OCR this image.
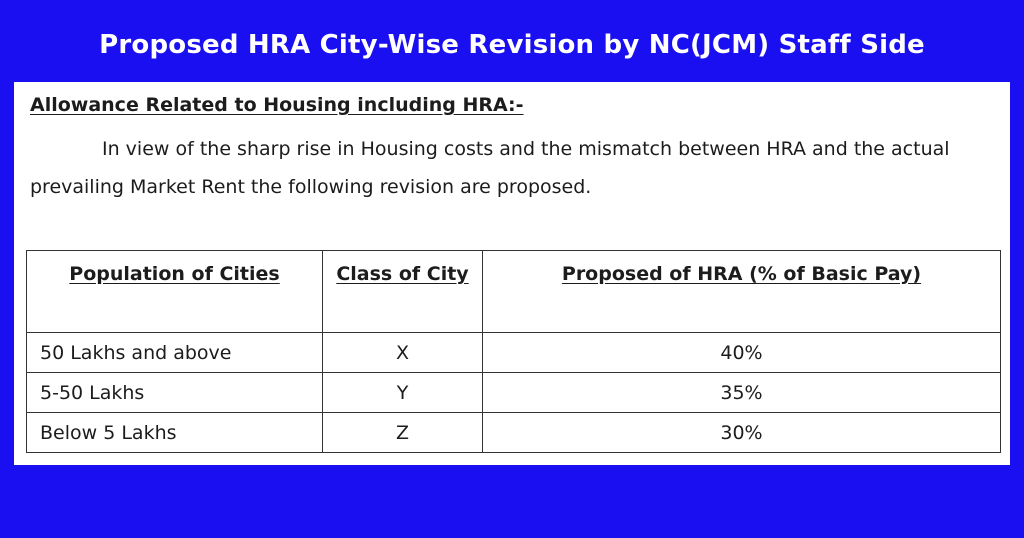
Proposed HRA City-Wise Revision by NC(JCM) Staff Side
Allowance Related to Housing including HRA:-

In view of the sharp rise in Housing costs and the mismatch between HRA and the actual prevailing Market Rent the following revision are proposed.

Population of Cities	Class of City	Proposed of HRA (% of Basic Pay)
50 Lakhs and above	X	40%
5-50 Lakhs	Y	35%
Below 5 Lakhs	Z	30%
